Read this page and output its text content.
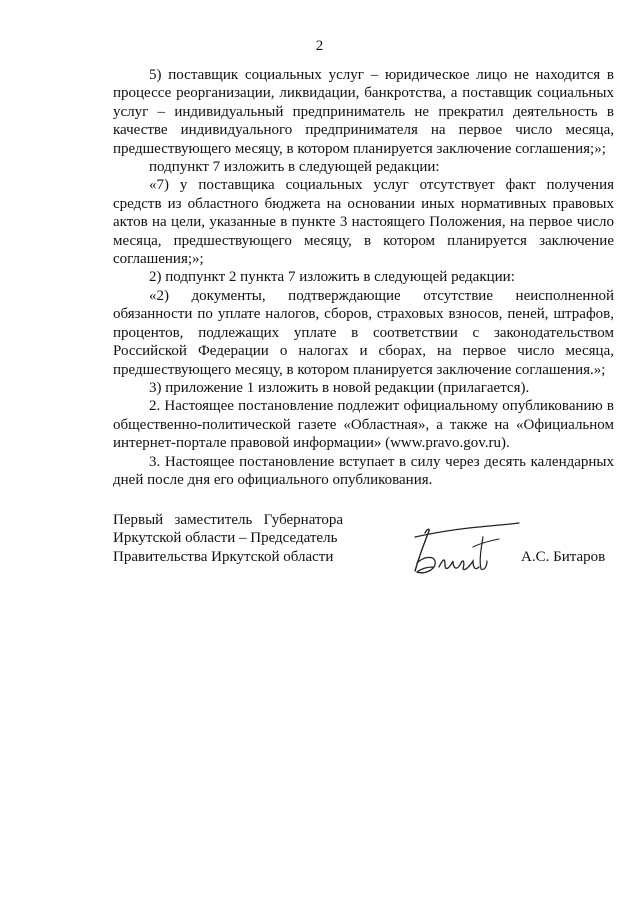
2

5) поставщик социальных услуг – юридическое лицо не находится в процессе реорганизации, ликвидации, банкротства, а поставщик социальных услуг – индивидуальный предприниматель не прекратил деятельность в качестве индивидуального предпринимателя на первое число месяца, предшествующего месяцу, в котором планируется заключение соглашения;»;

подпункт 7 изложить в следующей редакции:

«7) у поставщика социальных услуг отсутствует факт получения средств из областного бюджета на основании иных нормативных правовых актов на цели, указанные в пункте 3 настоящего Положения, на первое число месяца, предшествующего месяцу, в котором планируется заключение соглашения;»;

2) подпункт 2 пункта 7 изложить в следующей редакции:

«2) документы, подтверждающие отсутствие неисполненной обязанности по уплате налогов, сборов, страховых взносов, пеней, штрафов, процентов, подлежащих уплате в соответствии с законодательством Российской Федерации о налогах и сборах, на первое число месяца, предшествующего месяцу, в котором планируется заключение соглашения.»;

3) приложение 1 изложить в новой редакции (прилагается).

2. Настоящее постановление подлежит официальному опубликованию в общественно-политической газете «Областная», а также на «Официальном интернет-портале правовой информации» (www.pravo.gov.ru).

3. Настоящее постановление вступает в силу через десять календарных дней после дня его официального опубликования.

Первый заместитель Губернатора
Иркутской области – Председатель
Правительства Иркутской области	А.С. Битаров
